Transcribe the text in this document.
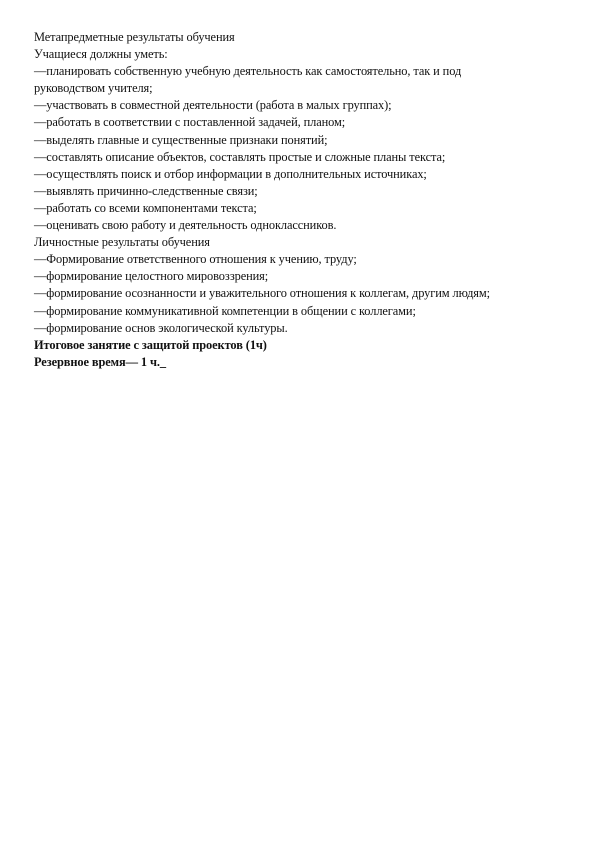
Метапредметные результаты обучения

Учащиеся должны уметь:

—планировать собственную учебную деятельность как самостоятельно, так и под

руководством учителя;

—участвовать в совместной деятельности (работа в малых группах);

—работать в соответствии с поставленной задачей, планом;

—выделять главные и существенные признаки понятий;

—составлять описание объектов, составлять простые и сложные планы текста;

—осуществлять поиск и отбор информации в дополнительных источниках;

—выявлять причинно-следственные связи;

—работать со всеми компонентами текста;

—оценивать свою работу и деятельность одноклассников.

Личностные результаты обучения

—Формирование ответственного отношения к учению, труду;

—формирование целостного мировоззрения;

—формирование осознанности и уважительного отношения к коллегам, другим людям;

—формирование коммуникативной компетенции в общении с коллегами;

—формирование основ экологической культуры.

Итоговое занятие с защитой проектов (1ч)

Резервное время— 1 ч._
